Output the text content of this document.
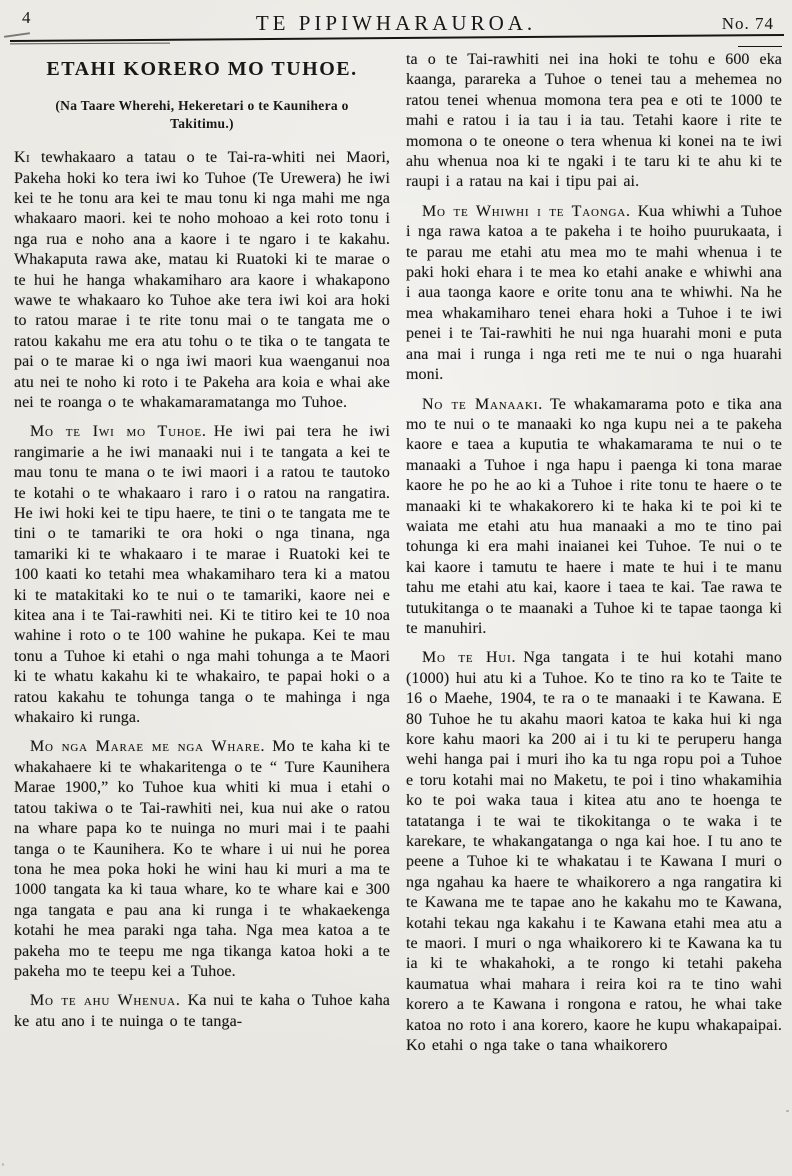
4	TE PIPIWHARAUROA.	No. 74
ETAHI KORERO MO TUHOE.
(Na Taare Wherehi, Hekeretari o te Kaunihera o Takitimu.)

Ki tewhakaaro a tatau o te Tai-ra-whiti nei Maori, Pakeha hoki ko tera iwi ko Tuhoe (Te Urewera) he iwi kei te he tonu ara kei te mau tonu ki nga mahi me nga whakaaro maori. kei te noho mohoao a kei roto tonu i nga rua e noho ana a kaore i te ngaro i te kakahu. Whakaputa rawa ake, matau ki Ruatoki ki te marae o te hui he hanga whakamiharo ara kaore i whakapono wawe te whakaaro ko Tuhoe ake tera iwi koi ara hoki to ratou marae i te rite tonu mai o te tangata me o ratou kakahu me era atu tohu o te tika o te tangata te pai o te marae ki o nga iwi maori kua waenganui noa atu nei te noho ki roto i te Pakeha ara koia e whai ake nei te roanga o te whakamaramatanga mo Tuhoe.

Mo te Iwi mo Tuhoe. He iwi pai tera he iwi rangimarie a he iwi manaaki nui i te tangata a kei te mau tonu te mana o te iwi maori i a ratou te tautoko te kotahi o te whakaaro i raro i o ratou na rangatira. He iwi hoki kei te tipu haere, te tini o te tangata me te tini o te tamariki te ora hoki o nga tinana, nga tamariki ki te whakaaro i te marae i Ruatoki kei te 100 kaati ko tetahi mea whakamiharo tera ki a matou ki te matakitaki ko te nui o te tamariki, kaore nei e kitea ana i te Tai-rawhiti nei. Ki te titiro kei te 10 noa wahine i roto o te 100 wahine he pukapa. Kei te mau tonu a Tuhoe ki etahi o nga mahi tohunga a te Maori ki te whatu kakahu ki te whakairo, te papai hoki o a ratou kakahu te tohunga tanga o te mahinga i nga whakairo ki runga.

Mo nga Marae me nga Whare. Mo te kaha ki te whakahaere ki te whakaritenga o te “ Ture Kaunihera Marae 1900,” ko Tuhoe kua whiti ki mua i etahi o tatou takiwa o te Tai-rawhiti nei, kua nui ake o ratou na whare papa ko te nuinga no muri mai i te paahi tanga o te Kaunihera. Ko te whare i ui nui he porea tona he mea poka hoki he wini hau ki muri a ma te 1000 tangata ka ki taua whare, ko te whare kai e 300 nga tangata e pau ana ki runga i te whakaekenga kotahi he mea paraki nga taha. Nga mea katoa a te pakeha mo te teepu me nga tikanga katoa hoki a te pakeha mo te teepu kei a Tuhoe.

Mo te ahu Whenua. Ka nui te kaha o Tuhoe kaha ke atu ano i te nuinga o te tanga-

ta o te Tai-rawhiti nei ina hoki te tohu e 600 eka kaanga, parareka a Tuhoe o tenei tau a mehemea no ratou tenei whenua momona tera pea e oti te 1000 te mahi e ratou i ia tau i ia tau. Tetahi kaore i rite te momona o te oneone o tera whenua ki konei na te iwi ahu whenua noa ki te ngaki i te taru ki te ahu ki te raupi i a ratau na kai i tipu pai ai.

Mo te Whiwhi i te Taonga. Kua whiwhi a Tuhoe i nga rawa katoa a te pakeha i te hoiho puurukaata, i te parau me etahi atu mea mo te mahi whenua i te paki hoki ehara i te mea ko etahi anake e whiwhi ana i aua taonga kaore e orite tonu ana te whiwhi. Na he mea whakamiharo tenei ehara hoki a Tuhoe i te iwi penei i te Tai-rawhiti he nui nga huarahi moni e puta ana mai i runga i nga reti me te nui o nga huarahi moni.

No te Manaaki. Te whakamarama poto e tika ana mo te nui o te manaaki ko nga kupu nei a te pakeha kaore e taea a kuputia te whakamarama te nui o te manaaki a Tuhoe i nga hapu i paenga ki tona marae kaore he po he ao ki a Tuhoe i rite tonu te haere o te manaaki ki te whakakorero ki te haka ki te poi ki te waiata me etahi atu hua manaaki a mo te tino pai tohunga ki era mahi inaianei kei Tuhoe. Te nui o te kai kaore i tamutu te haere i mate te hui i te manu tahu me etahi atu kai, kaore i taea te kai. Tae rawa te tutukitanga o te maanaki a Tuhoe ki te tapae taonga ki te manuhiri.

Mo te Hui. Nga tangata i te hui kotahi mano (1000) hui atu ki a Tuhoe. Ko te tino ra ko te Taite te 16 o Maehe, 1904, te ra o te manaaki i te Kawana. E 80 Tuhoe he tu akahu maori katoa te kaka hui ki nga kore kahu maori ka 200 ai i tu ki te peruperu hanga wehi hanga pai i muri iho ka tu nga ropu poi a Tuhoe e toru kotahi mai no Maketu, te poi i tino whakamihia ko te poi waka taua i kitea atu ano te hoenga te tatatanga i te wai te tikokitanga o te waka i te karekare, te whakangatanga o nga kai hoe. I tu ano te peene a Tuhoe ki te whakatau i te Kawana I muri o nga ngahau ka haere te whaikorero a nga rangatira ki te Kawana me te tapae ano he kakahu mo te Kawana, kotahi tekau nga kakahu i te Kawana etahi mea atu a te maori. I muri o nga whaikorero ki te Kawana ka tu ia ki te whakahoki, a te rongo ki tetahi pakeha kaumatua whai mahara i reira koi ra te tino wahi korero a te Kawana i rongona e ratou, he whai take katoa no roto i ana korero, kaore he kupu whakapaipai. Ko etahi o nga take o tana whaikorero
